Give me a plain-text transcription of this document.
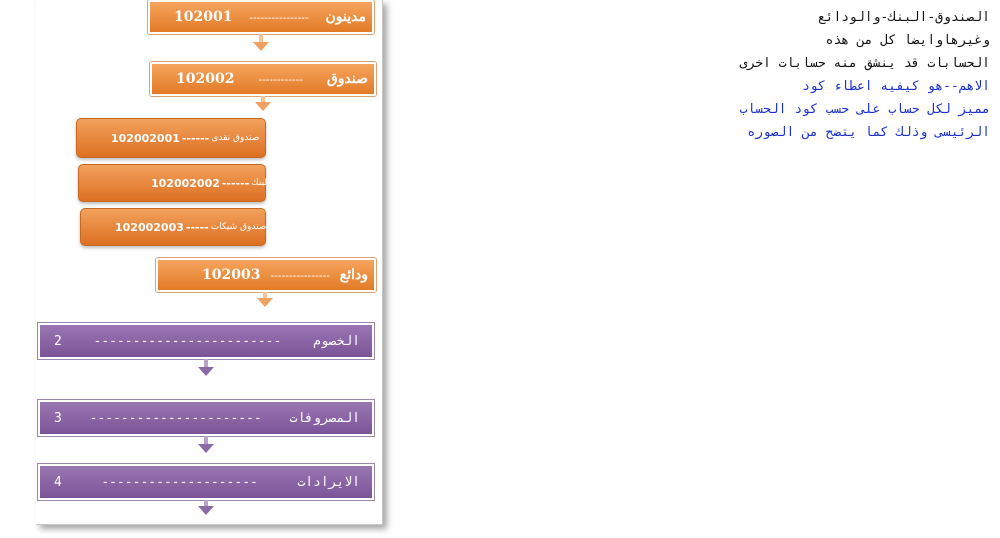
102001 ---------------- مدينون
102002 ------------ صندوق
102002001 ------ صندوق نقدى
102002002 ------ البنك
102002003 ----- صندوق شيكات
102003 ---------------- ودائع
2 ------------------------ الخصوم
3 ---------------------- المصروفات
4	--------------------	الايرادات
الصندوق-البنك-والودائع
وغيرهاوايضا كل من هذه
الحسابات قد ينشق منه حسابات اخرى
الاهم--هو كيفيه اعطاء كود
مميز لكل حساب على حسب كود الحساب
الرئيسى وذلك كما يتضح من الصوره
